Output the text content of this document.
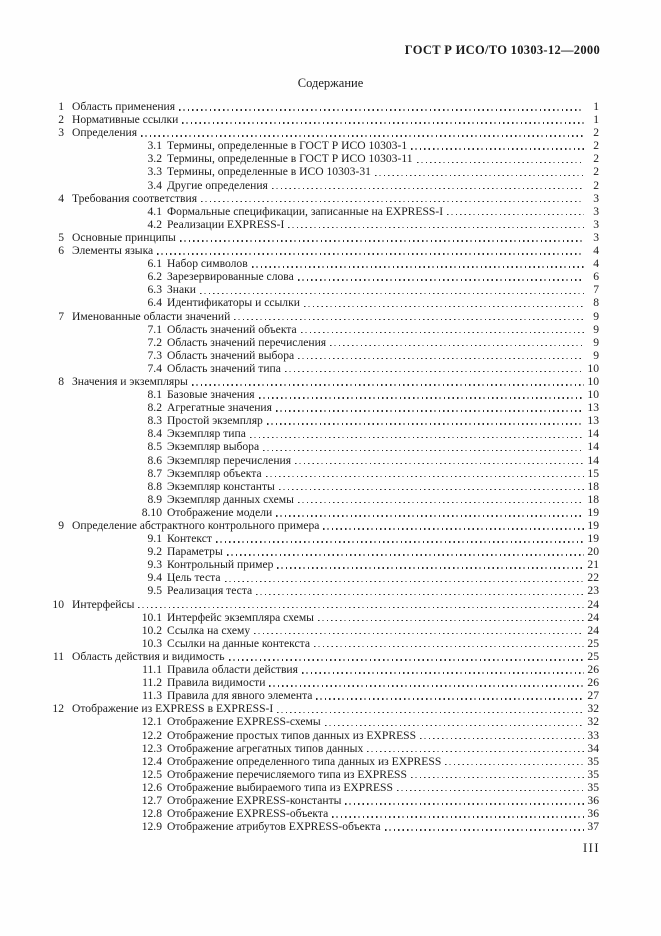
ГОСТ Р ИСО/ТО 10303-12—2000
Содержание
1 Область применения	1
2 Нормативные ссылки	1
3 Определения	2
3.1 Термины, определенные в ГОСТ Р ИСО 10303-1	2
3.2 Термины, определенные в ГОСТ Р ИСО 10303-11	2
3.3 Термины, определенные в ИСО 10303-31	2
3.4 Другие определения	2
4 Требования соответствия	3
4.1 Формальные спецификации, записанные на EXPRESS-I	3
4.2 Реализации EXPRESS-I	3
5 Основные принципы	3
6 Элементы языка	4
6.1 Набор символов	4
6.2 Зарезервированные слова	6
6.3 Знаки	7
6.4 Идентификаторы и ссылки	8
7 Именованные области значений	9
7.1 Область значений объекта	9
7.2 Область значений перечисления	9
7.3 Область значений выбора	9
7.4 Область значений типа	10
8 Значения и экземпляры	10
8.1 Базовые значения	10
8.2 Агрегатные значения	13
8.3 Простой экземпляр	13
8.4 Экземпляр типа	14
8.5 Экземпляр выбора	14
8.6 Экземпляр перечисления	14
8.7 Экземпляр объекта	15
8.8 Экземпляр константы	18
8.9 Экземпляр данных схемы	18
8.10 Отображение модели	19
9 Определение абстрактного контрольного примера	19
9.1 Контекст	19
9.2 Параметры	20
9.3 Контрольный пример	21
9.4 Цель теста	22
9.5 Реализация теста	23
10 Интерфейсы	24
10.1 Интерфейс экземпляра схемы	24
10.2 Ссылка на схему	24
10.3 Ссылки на данные контекста	25
11 Область действия и видимость	25
11.1 Правила области действия	26
11.2 Правила видимости	26
11.3 Правила для явного элемента	27
12 Отображение из EXPRESS в EXPRESS-I	32
12.1 Отображение EXPRESS-схемы	32
12.2 Отображение простых типов данных из EXPRESS	33
12.3 Отображение агрегатных типов данных	34
12.4 Отображение определенного типа данных из EXPRESS	35
12.5 Отображение перечисляемого типа из EXPRESS	35
12.6 Отображение выбираемого типа из EXPRESS	35
12.7 Отображение EXPRESS-константы	36
12.8 Отображение EXPRESS-объекта	36
12.9 Отображение атрибутов EXPRESS-объекта	37
III
